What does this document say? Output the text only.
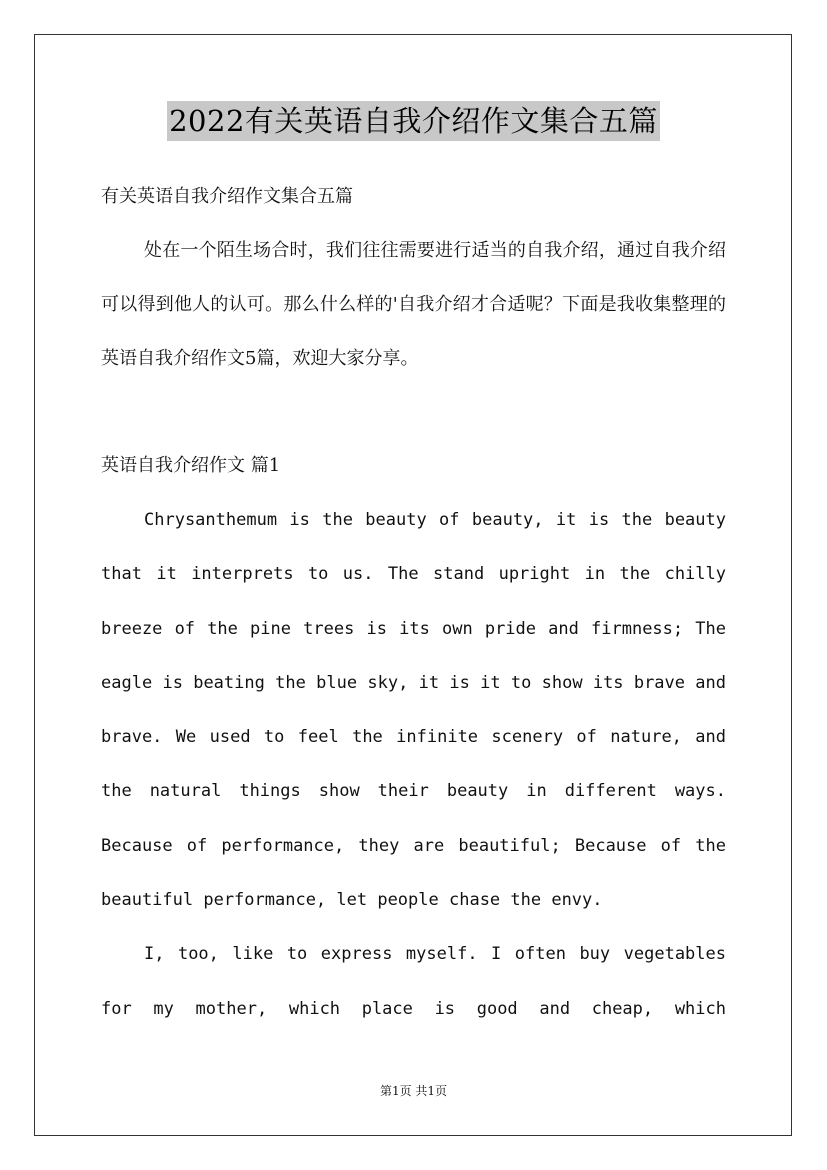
2022有关英语自我介绍作文集合五篇

有关英语自我介绍作文集合五篇

处在一个陌生场合时，我们往往需要进行适当的自我介绍，通过自我介绍可以得到他人的认可。那么什么样的'自我介绍才合适呢？下面是我收集整理的英语自我介绍作文5篇，欢迎大家分享。

英语自我介绍作文 篇1

Chrysanthemum is the beauty of beauty, it is the beauty that it interprets to us. The stand upright in the chilly breeze of the pine trees is its own pride and firmness; The eagle is beating the blue sky, it is it to show its brave and brave. We used to feel the infinite scenery of nature, and the natural things show their beauty in different ways. Because of performance, they are beautiful; Because of the beautiful performance, let people chase the envy.

I, too, like to express myself. I often buy vegetables for my mother, which place is good and cheap, which

第1页 共1页
